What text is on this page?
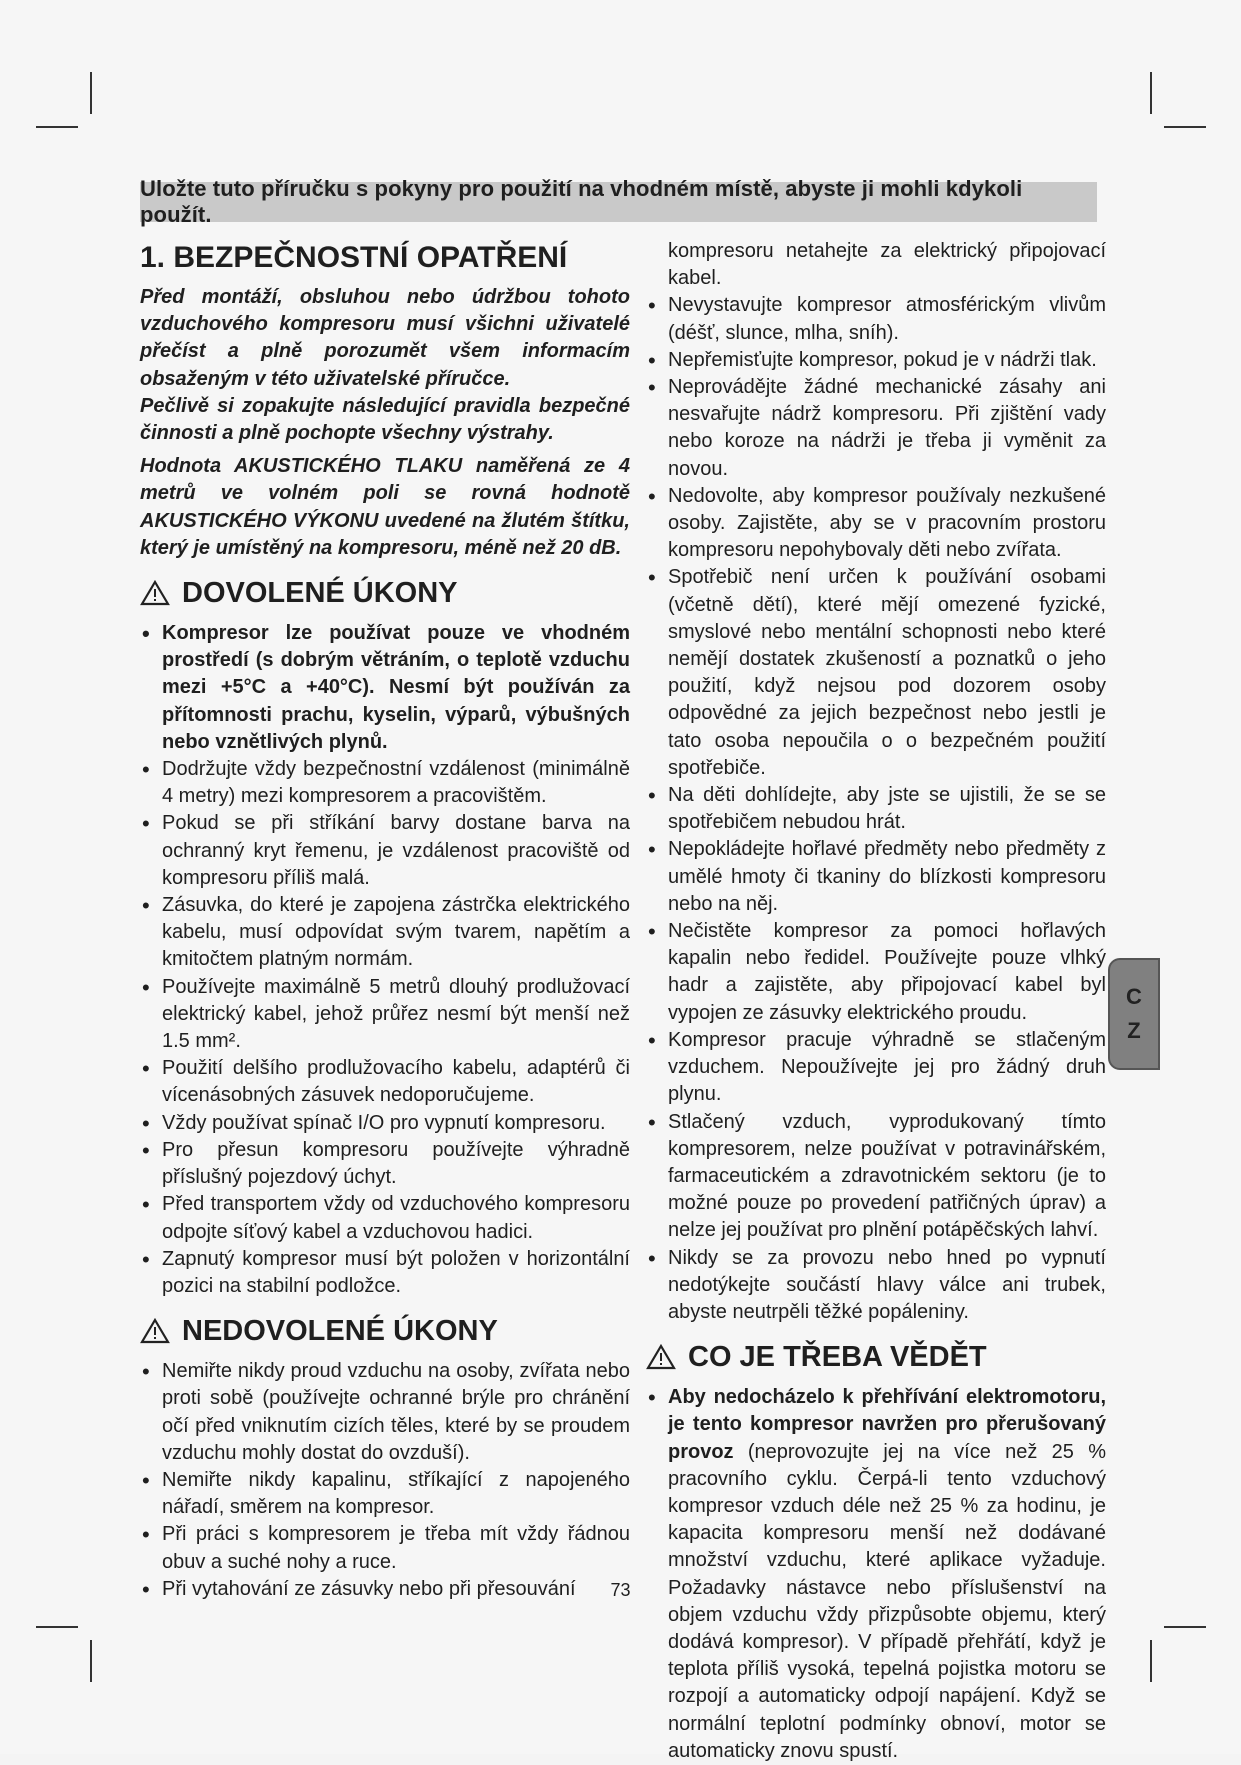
Uložte tuto příručku s pokyny pro použití na vhodném místě, abyste ji mohli kdykoli použít.
1. BEZPEČNOSTNÍ OPATŘENÍ

Před montáží, obsluhou nebo údržbou tohoto vzduchového kompresoru musí všichni uživatelé přečíst a plně porozumět všem informacím obsaženým v této uživatelské příručce.

Pečlivě si zopakujte následující pravidla bezpečné činnosti a plně pochopte všechny výstrahy.

Hodnota AKUSTICKÉHO TLAKU naměřená ze 4 metrů ve volném poli se rovná hodnotě AKUSTICKÉHO VÝKONU uvedené na žlutém štítku, který je umístěný na kompresoru, méně než 20 dB.

DOVOLENÉ ÚKONY
• Kompresor lze používat pouze ve vhodném prostředí (s dobrým větráním, o teplotě vzduchu mezi +5°C a +40°C). Nesmí být používán za přítomnosti prachu, kyselin, výparů, výbušných nebo vznětlivých plynů.
• Dodržujte vždy bezpečnostní vzdálenost (minimálně 4 metry) mezi kompresorem a pracovištěm.
• Pokud se při stříkání barvy dostane barva na ochranný kryt řemenu, je vzdálenost pracoviště od kompresoru příliš malá.
• Zásuvka, do které je zapojena zástrčka elektrického kabelu, musí odpovídat svým tvarem, napětím a kmitočtem platným normám.
• Používejte maximálně 5 metrů dlouhý prodlužovací elektrický kabel, jehož průřez nesmí být menší než 1.5 mm².
• Použití delšího prodlužovacího kabelu, adaptérů či vícenásobných zásuvek nedoporučujeme.
• Vždy používat spínač I/O pro vypnutí kompresoru.
• Pro přesun kompresoru používejte výhradně příslušný pojezdový úchyt.
• Před transportem vždy od vzduchového kompresoru odpojte síťový kabel a vzduchovou hadici.
• Zapnutý kompresor musí být položen v horizontální pozici na stabilní podložce.
NEDOVOLENÉ ÚKONY
• Nemiřte nikdy proud vzduchu na osoby, zvířata nebo proti sobě (používejte ochranné brýle pro chránění očí před vniknutím cizích těles, které by se proudem vzduchu mohly dostat do ovzduší).
• Nemiřte nikdy kapalinu, stříkající z napojeného nářadí, směrem na kompresor.
• Při práci s kompresorem je třeba mít vždy řádnou obuv a suché nohy a ruce.
• Při vytahování ze zásuvky nebo při přesouvání

kompresoru netahejte za elektrický připojovací kabel.

• Nevystavujte kompresor atmosférickým vlivům (déšť, slunce, mlha, sníh).
• Nepřemisťujte kompresor, pokud je v nádrži tlak.
• Neprovádějte žádné mechanické zásahy ani nesvařujte nádrž kompresoru. Při zjištění vady nebo koroze na nádrži je třeba ji vyměnit za novou.
• Nedovolte, aby kompresor používaly nezkušené osoby. Zajistěte, aby se v pracovním prostoru kompresoru nepohybovaly děti nebo zvířata.
• Spotřebič není určen k používání osobami (včetně dětí), které mějí omezené fyzické, smyslové nebo mentální schopnosti nebo které nemějí dostatek zkušeností a poznatků o jeho použití, když nejsou pod dozorem osoby odpovědné za jejich bezpečnost nebo jestli je tato osoba nepoučila o o bezpečném použití spotřebiče.
• Na děti dohlídejte, aby jste se ujistili, že se se spotřebičem nebudou hrát.
• Nepokládejte hořlavé předměty nebo předměty z umělé hmoty či tkaniny do blízkosti kompresoru nebo na něj.
• Nečistěte kompresor za pomoci hořlavých kapalin nebo ředidel. Používejte pouze vlhký hadr a zajistěte, aby připojovací kabel byl vypojen ze zásuvky elektrického proudu.
• Kompresor pracuje výhradně se stlačeným vzduchem. Nepoužívejte jej pro žádný druh plynu.
• Stlačený vzduch, vyprodukovaný tímto kompresorem, nelze používat v potravinářském, farmaceutickém a zdravotnickém sektoru (je to možné pouze po provedení patřičných úprav) a nelze jej používat pro plnění potápěčských lahví.
• Nikdy se za provozu nebo hned po vypnutí nedotýkejte součástí hlavy válce ani trubek, abyste neutrpěli těžké popáleniny.
CO JE TŘEBA VĚDĚT
• Aby nedocházelo k přehřívání elektromotoru, je tento kompresor navržen pro přerušovaný provoz (neprovozujte jej na více než 25 % pracovního cyklu. Čerpá-li tento vzduchový kompresor vzduch déle než 25 % za hodinu, je kapacita kompresoru menší než dodávané množství vzduchu, které aplikace vyžaduje. Požadavky nástavce nebo příslušenství na objem vzduchu vždy přizpůsobte objemu, který dodává kompresor). V případě přehřátí, když je teplota příliš vysoká, tepelná pojistka motoru se rozpojí a automaticky odpojí napájení. Když se normální teplotní podmínky obnoví, motor se automaticky znovu spustí.
C
Z
73
